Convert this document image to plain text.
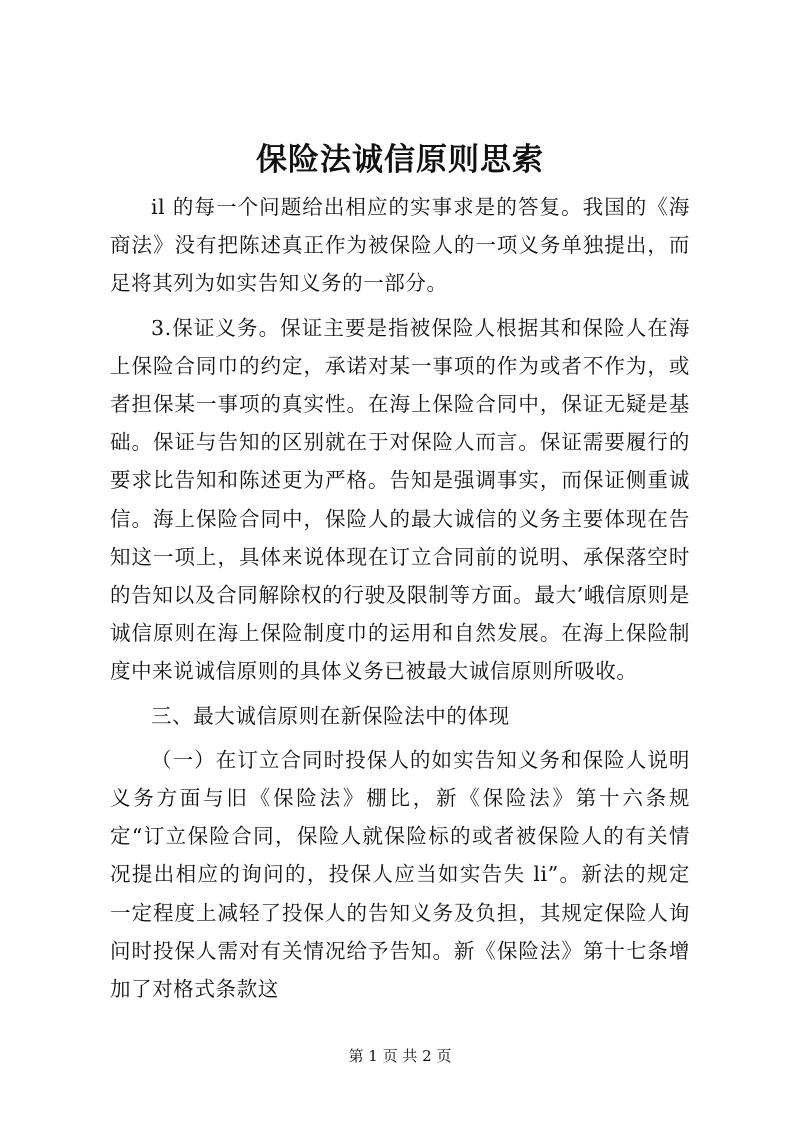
保险法诚信原则思索

il 的每一个问题给出相应的实事求是的答复。我国的《海商法》没有把陈述真正作为被保险人的一项义务单独提出，而足将其列为如实告知义务的一部分。

3.保证义务。保证主要是指被保险人根据其和保险人在海上保险合同巾的约定，承诺对某一事项的作为或者不作为，或者担保某一事项的真实性。在海上保险合同中，保证无疑是基础。保证与告知的区别就在于对保险人而言。保证需要履行的要求比告知和陈述更为严格。告知是强调事实，而保证侧重诚信。海上保险合同中，保险人的最大诚信的义务主要体现在告知这一项上，具体来说体现在订立合同前的说明、承保落空时的告知以及合同解除权的行驶及限制等方面。最大’峨信原则是诚信原则在海上保险制度巾的运用和自然发展。在海上保险制度中来说诚信原则的具体义务已被最大诚信原则所吸收。

三、最大诚信原则在新保险法中的体现

（一）在订立合同时投保人的如实告知义务和保险人说明义务方面与旧《保险法》棚比，新《保险法》第十六条规定“订立保险合同，保险人就保险标的或者被保险人的有关情况提出相应的询问的，投保人应当如实告失 li”。新法的规定一定程度上减轻了投保人的告知义务及负担，其规定保险人询问时投保人需对有关情况给予告知。新《保险法》第十七条增加了对格式条款这

第 1 页 共 2 页
